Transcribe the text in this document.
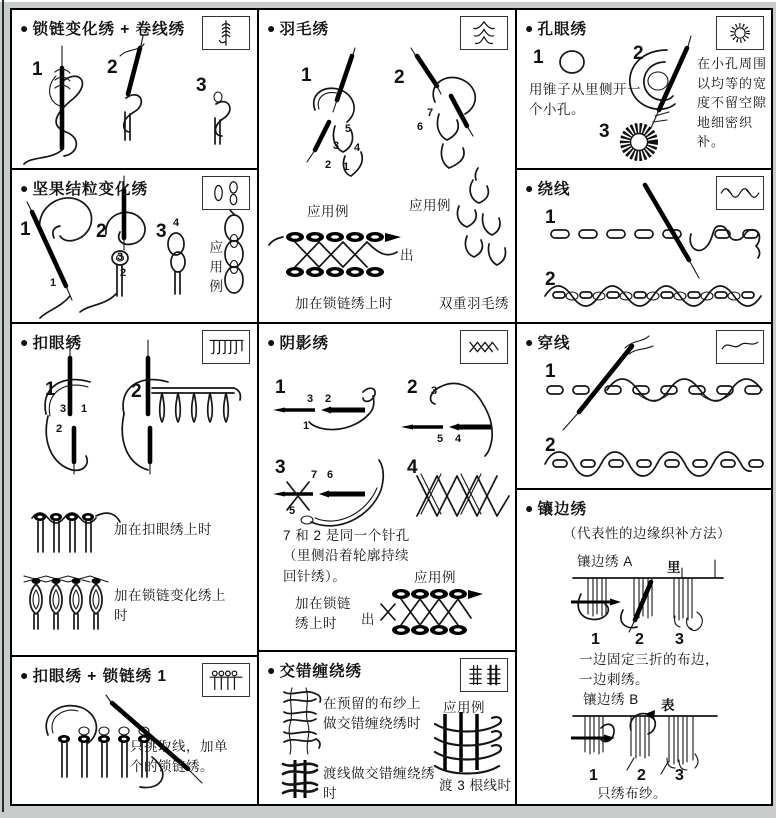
● 锁链变化绣 + 卷线绣
1	2
3
● 坚果结粒变化绣
1	2	3
1
3
2
4
应用例
● 扣眼绣
1	2
3 1
2
加在扣眼绣上时
加在锁链变化绣上时
● 扣眼绣 + 锁链绣 1
只挑取线，加单个的锁链绣。
● 羽毛绣
1	2
5
3 4
2 1
7
6
应用例	应用例
出
加在锁链绣上时	双重羽毛绣
● 阴影绣
1	2
3	4
3 2
1
3
5 4
7 6
5
7 和 2 是同一个针孔（里侧沿着轮廓持续回针绣）。	应用例
加在锁链绣上时	出
● 交错缠绕绣
在预留的布纱上做交错缠绕绣时
应用例
渡线做交错缠绕绣时
渡 3 根线时
● 孔眼绣
1	2
3
用锥子从里侧开一个小孔。
在小孔周围以均等的宽度不留空隙地细密织补。
● 绕线
1
2
● 穿线
1
2
● 镶边绣
（代表性的边缘织补方法）
镶边绣 A	里
1 2 3
一边固定三折的布边，一边刺绣。
镶边绣 B 表
1 2 3
只绣布纱。
